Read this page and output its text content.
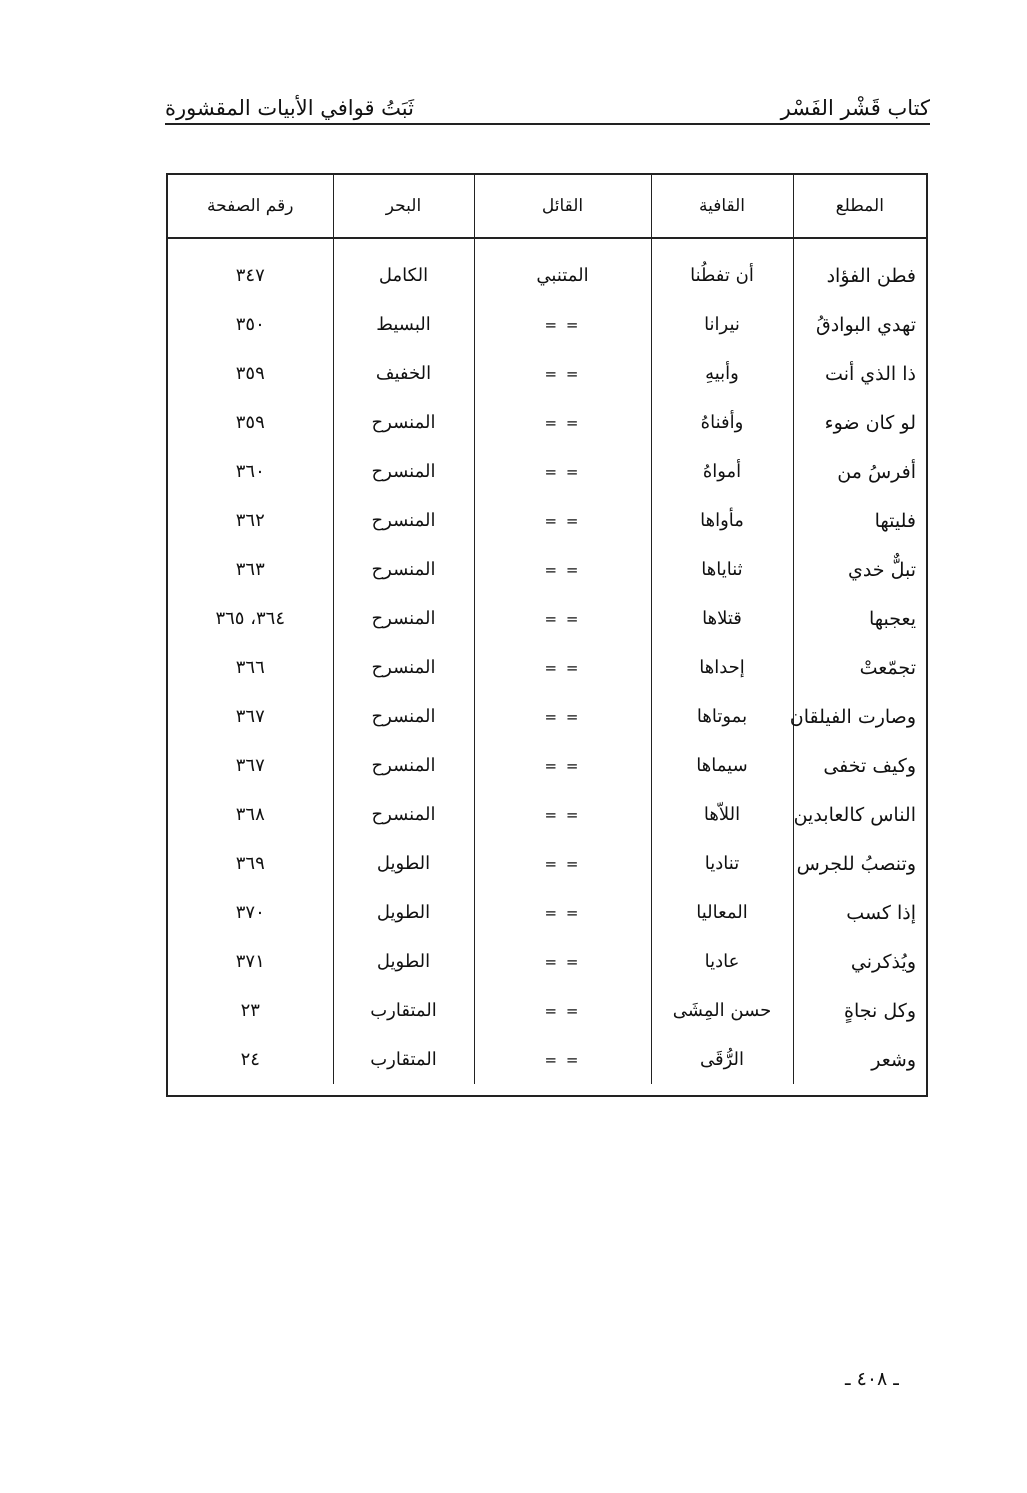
كتاب قَشْر الفَسْر
ثَبَتُ قوافي الأبيات المقشورة
المطلع	القافية	القائل	البحر	رقم الصفحة
فطن الفؤاد	أن تفطُنا	المتنبي	الكامل	٣٤٧
تهدي البوادقُ	نيرانا	= =	البسيط	٣٥٠
ذا الذي أنت	وأبيهِ	= =	الخفيف	٣٥٩
لو كان ضوء	وأفناهُ	= =	المنسرح	٣٥٩
أفرسُ من	أمواهُ	= =	المنسرح	٣٦٠
فليتها	مأواها	= =	المنسرح	٣٦٢
تبلٌّ خدي	ثناياها	= =	المنسرح	٣٦٣
يعجبها	قتلاها	= =	المنسرح	٣٦٤، ٣٦٥
تجمّعتْ	إحداها	= =	المنسرح	٣٦٦
وصارت الفيلقان	بموتاها	= =	المنسرح	٣٦٧
وكيف تخفى	سيماها	= =	المنسرح	٣٦٧
الناس كالعابدين	اللاّها	= =	المنسرح	٣٦٨
وتنصبُ للجرس	تناديا	= =	الطويل	٣٦٩
إذا كسب	المعاليا	= =	الطويل	٣٧٠
ويُذكرني	عاديا	= =	الطويل	٣٧١
وكل نجاةٍ	حسن المِشَى	= =	المتقارب	٢٣
وشعر	الرُّقَى	= =	المتقارب	٢٤
ـ ٤٠٨ ـ
